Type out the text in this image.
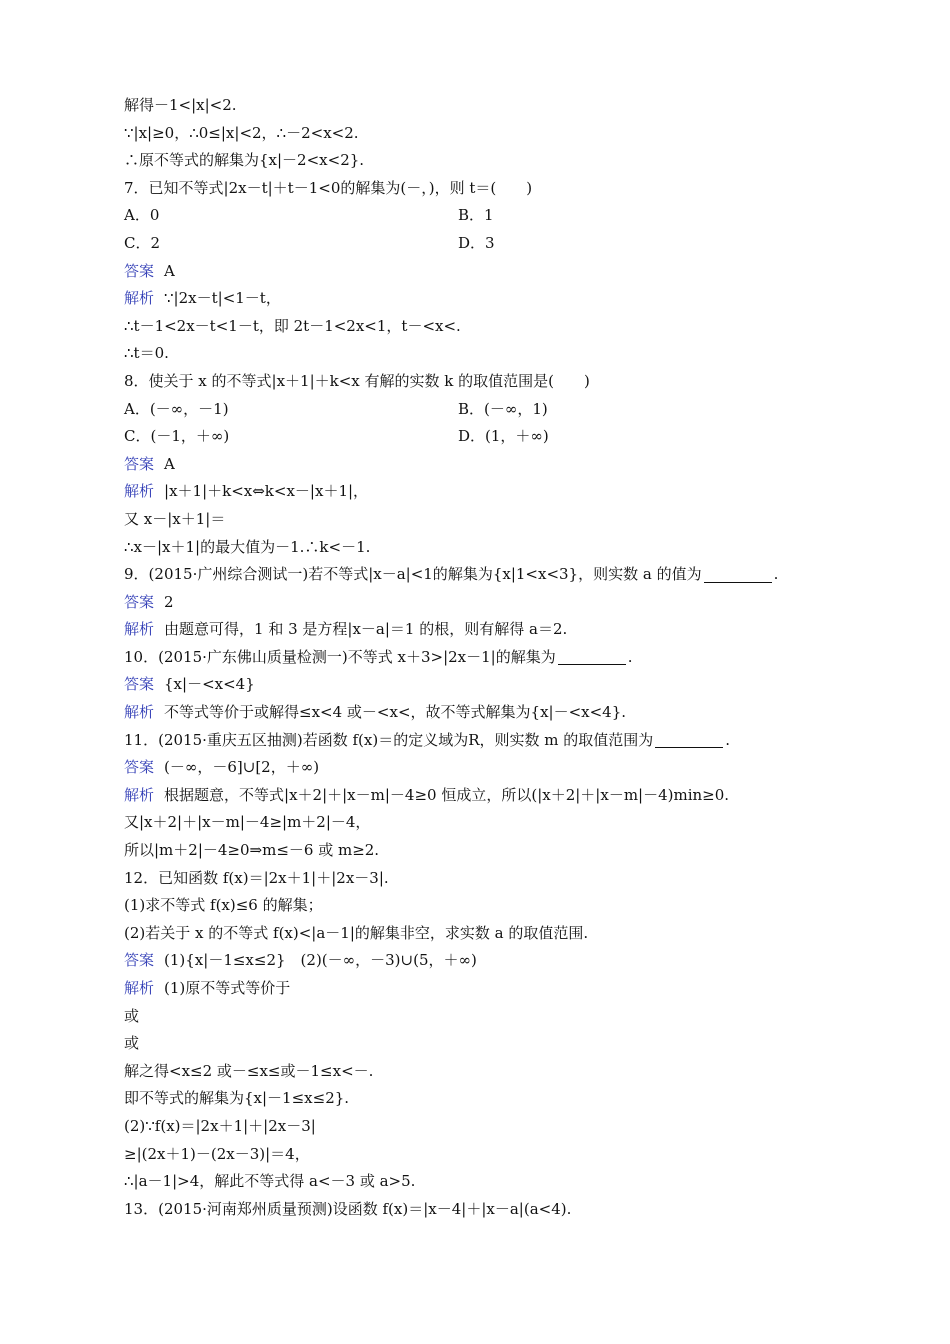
解得－1<|x|<2.
∵|x|≥0，∴0≤|x|<2，∴－2<x<2.
∴原不等式的解集为{x|－2<x<2}.
7．已知不等式|2x－t|＋t－1<0的解集为(－，)，则 t＝(　　)
A．0	B．1
C．2	D．3
答案 A
解析 ∵|2x－t|<1－t，
∴t－1<2x－t<1－t，即 2t－1<2x<1，t－<x<.
∴t＝0.
8．使关于 x 的不等式|x＋1|＋k<x 有解的实数 k 的取值范围是(　　)
A．(－∞，－1)	B．(－∞，1)
C．(－1，＋∞)	D．(1，＋∞)
答案 A
解析 |x＋1|＋k<x⇔k<x－|x＋1|，
又 x－|x＋1|＝
∴x－|x＋1|的最大值为－1.∴k<－1.
9．(2015·广州综合测试一)若不等式|x－a|<1的解集为{x|1<x<3}，则实数 a 的值为	.
答案 2
解析 由题意可得，1 和 3 是方程|x－a|＝1 的根，则有解得 a＝2.
10．(2015·广东佛山质量检测一)不等式 x＋3>|2x－1|的解集为	.
答案 {x|－<x<4}
解析 不等式等价于或解得≤x<4 或－<x<，故不等式解集为{x|－<x<4}.
11．(2015·重庆五区抽测)若函数 f(x)＝的定义域为R，则实数 m 的取值范围为	.
答案 (－∞，－6]∪[2，＋∞)
解析 根据题意，不等式|x＋2|＋|x－m|－4≥0 恒成立，所以(|x＋2|＋|x－m|－4)min≥0.
又|x＋2|＋|x－m|－4≥|m＋2|－4，
所以|m＋2|－4≥0⇒m≤－6 或 m≥2.
12．已知函数 f(x)＝|2x＋1|＋|2x－3|.
(1)求不等式 f(x)≤6 的解集；
(2)若关于 x 的不等式 f(x)<|a－1|的解集非空，求实数 a 的取值范围.
答案 (1){x|－1≤x≤2}　(2)(－∞，－3)∪(5，＋∞)
解析 (1)原不等式等价于
或
或
解之得<x≤2 或－≤x≤或－1≤x<－.
即不等式的解集为{x|－1≤x≤2}.
(2)∵f(x)＝|2x＋1|＋|2x－3|
≥|(2x＋1)－(2x－3)|＝4，
∴|a－1|>4，解此不等式得 a<－3 或 a>5.
13．(2015·河南郑州质量预测)设函数 f(x)＝|x－4|＋|x－a|(a<4).
